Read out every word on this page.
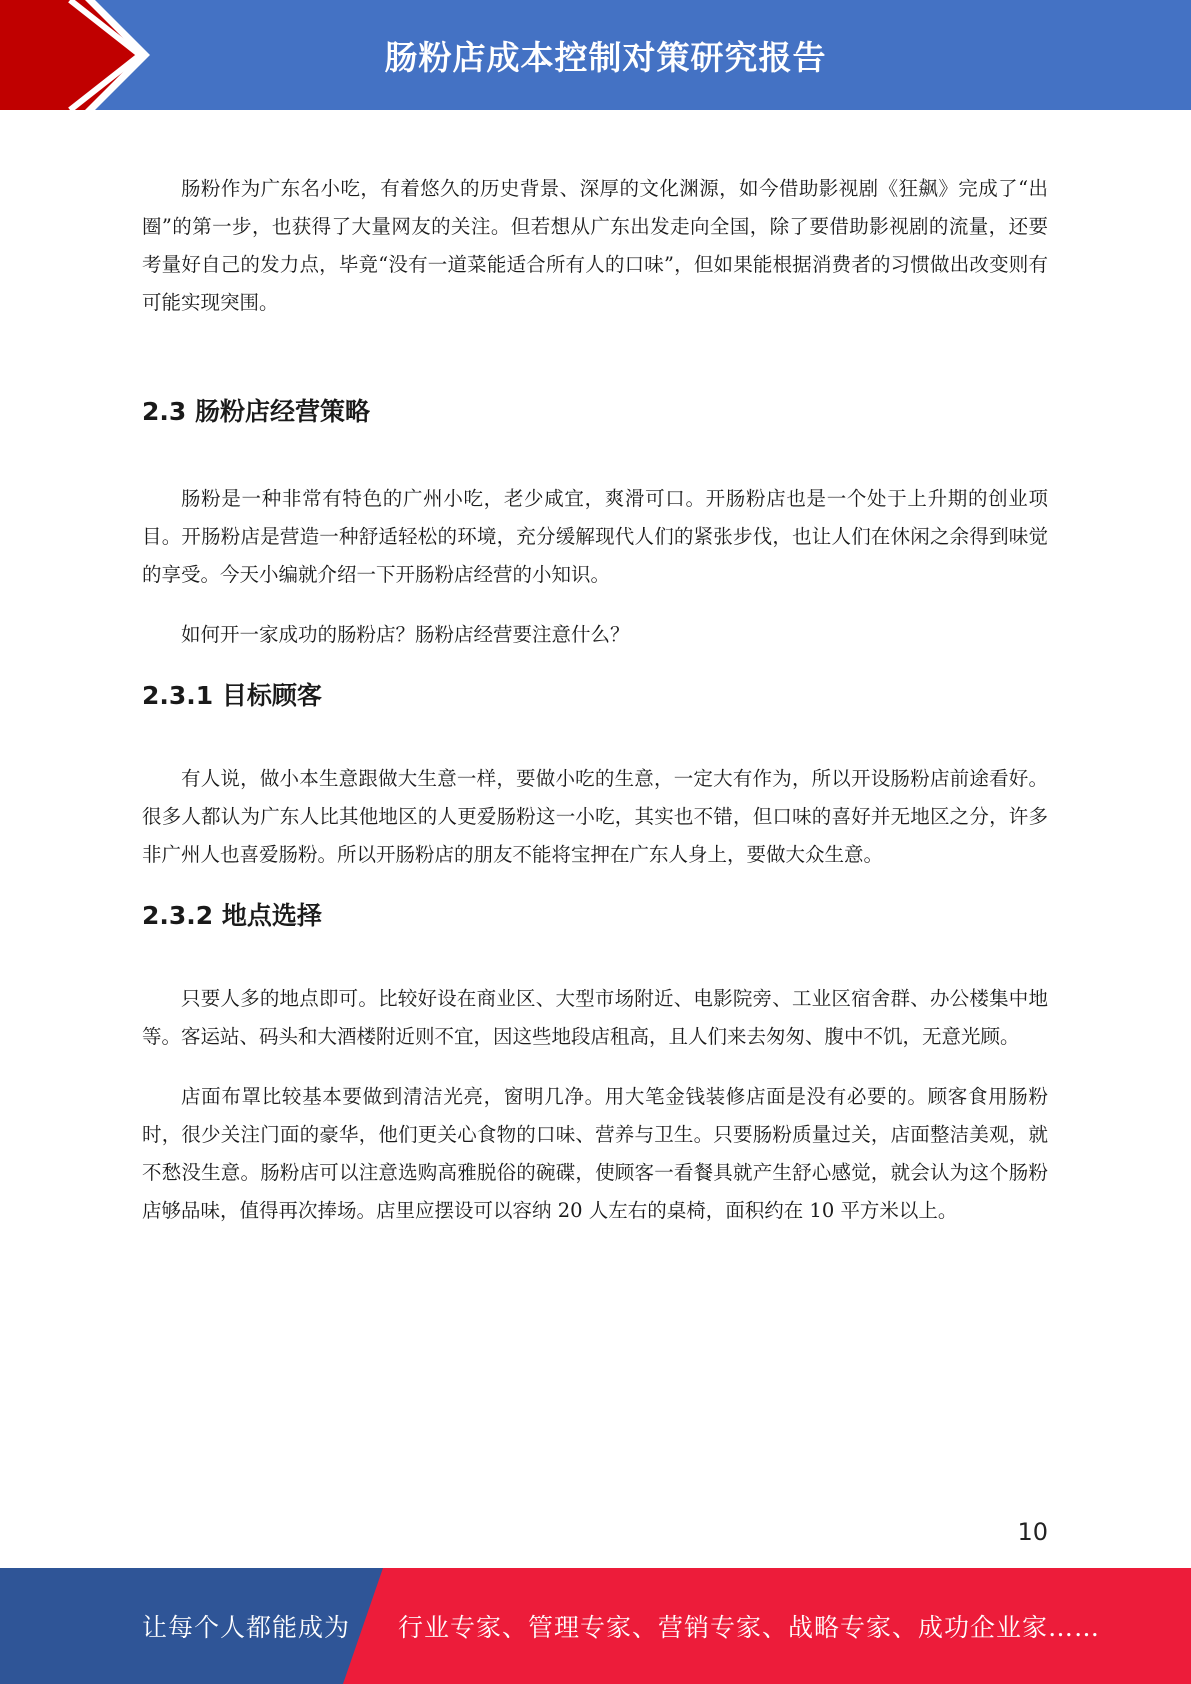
肠粉店成本控制对策研究报告

肠粉作为广东名小吃，有着悠久的历史背景、深厚的文化渊源，如今借助影视剧《狂飙》完成了“出圈”的第一步，也获得了大量网友的关注。但若想从广东出发走向全国，除了要借助影视剧的流量，还要考量好自己的发力点，毕竟“没有一道菜能适合所有人的口味”，但如果能根据消费者的习惯做出改变则有可能实现突围。

2.3 肠粉店经营策略

肠粉是一种非常有特色的广州小吃，老少咸宜，爽滑可口。开肠粉店也是一个处于上升期的创业项目。开肠粉店是营造一种舒适轻松的环境，充分缓解现代人们的紧张步伐，也让人们在休闲之余得到味觉的享受。今天小编就介绍一下开肠粉店经营的小知识。

如何开一家成功的肠粉店？肠粉店经营要注意什么？

2.3.1 目标顾客

有人说，做小本生意跟做大生意一样，要做小吃的生意，一定大有作为，所以开设肠粉店前途看好。很多人都认为广东人比其他地区的人更爱肠粉这一小吃，其实也不错，但口味的喜好并无地区之分，许多非广州人也喜爱肠粉。所以开肠粉店的朋友不能将宝押在广东人身上，要做大众生意。

2.3.2 地点选择

只要人多的地点即可。比较好设在商业区、大型市场附近、电影院旁、工业区宿舍群、办公楼集中地等。客运站、码头和大酒楼附近则不宜，因这些地段店租高，且人们来去匆匆、腹中不饥，无意光顾。

店面布罩比较基本要做到清洁光亮，窗明几净。用大笔金钱装修店面是没有必要的。顾客食用肠粉时，很少关注门面的豪华，他们更关心食物的口味、营养与卫生。只要肠粉质量过关，店面整洁美观，就不愁没生意。肠粉店可以注意选购高雅脱俗的碗碟，使顾客一看餐具就产生舒心感觉，就会认为这个肠粉店够品味，值得再次捧场。店里应摆设可以容纳 20 人左右的桌椅，面积约在 10 平方米以上。

10
让每个人都能成为 行业专家、管理专家、营销专家、战略专家、成功企业家……
